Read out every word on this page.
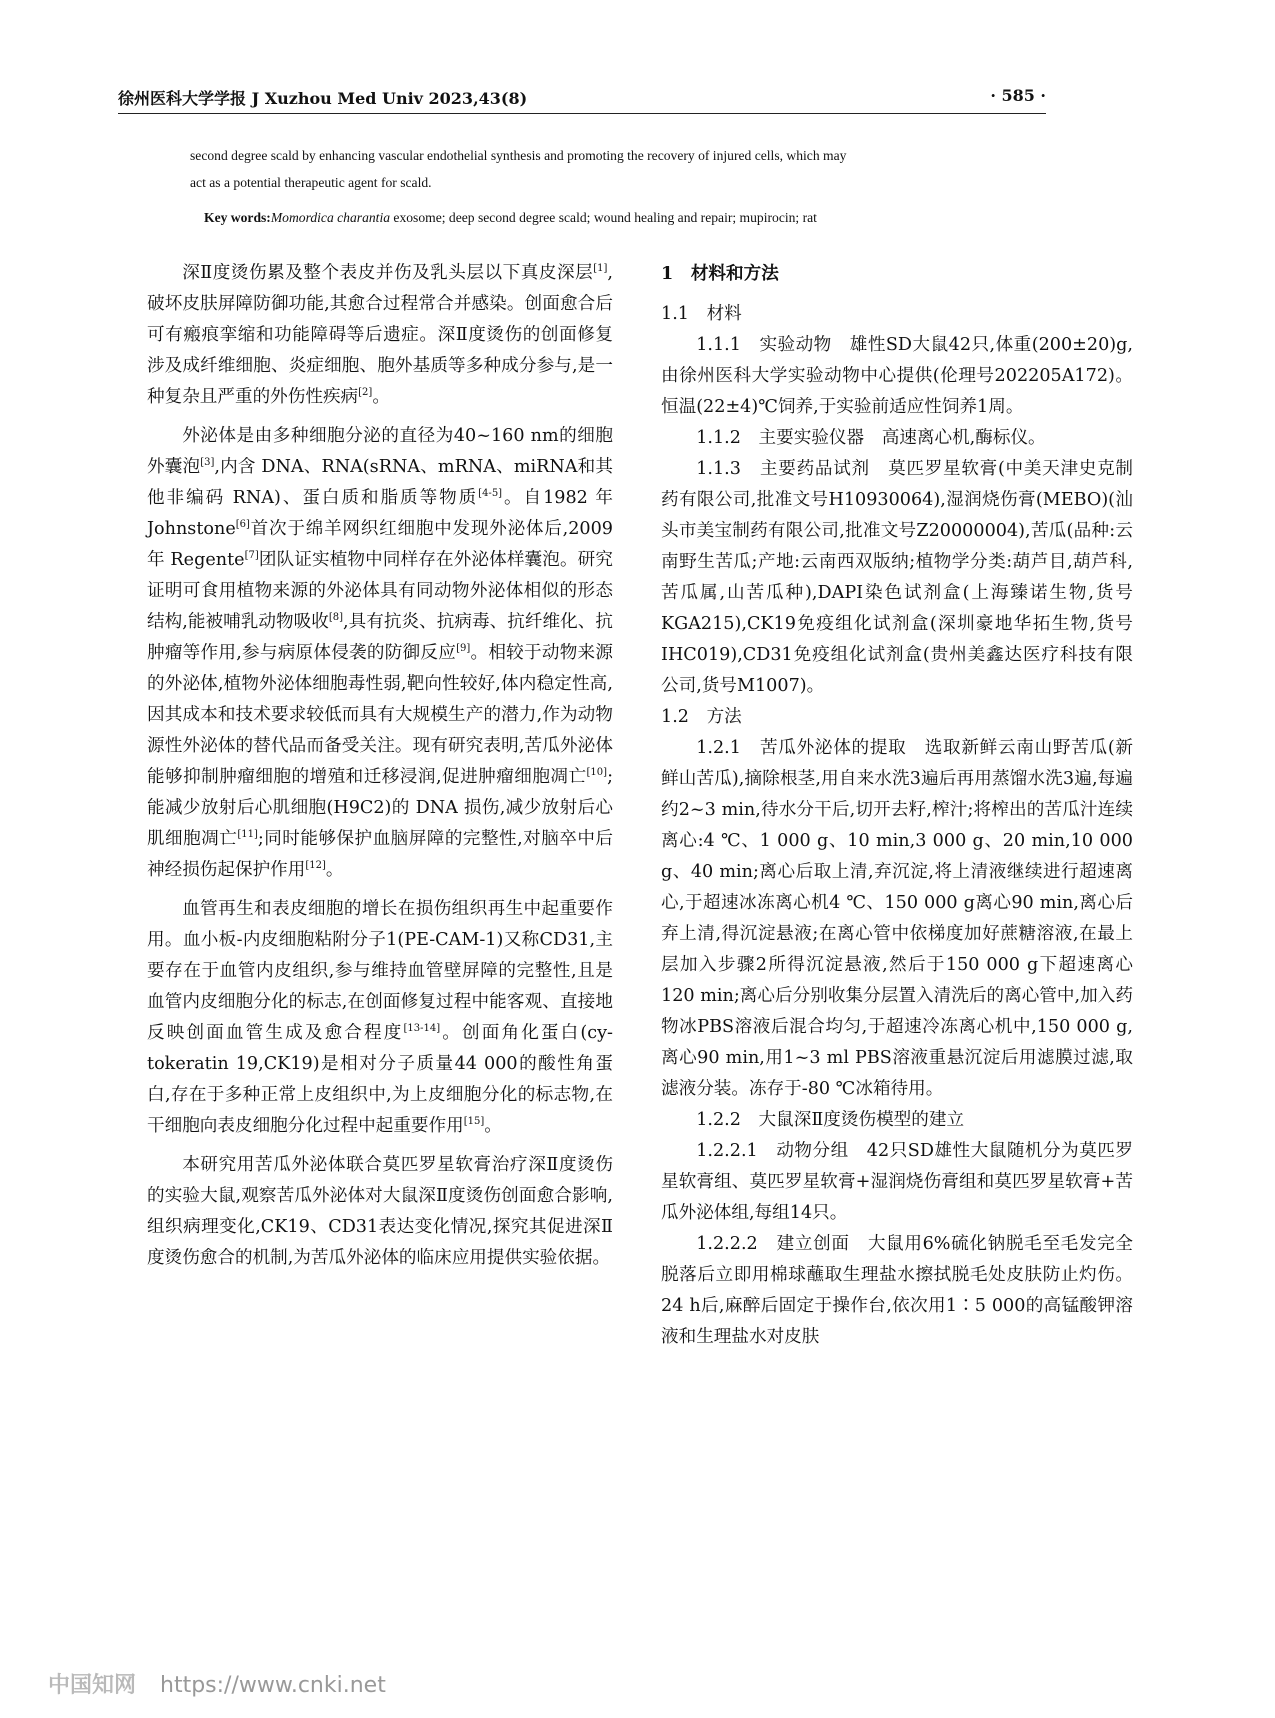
徐州医科大学学报 J Xuzhou Med Univ 2023,43(8)	· 585 ·
second degree scald by enhancing vascular endothelial synthesis and promoting the recovery of injured cells, which may
act as a potential therapeutic agent for scald.
Key words:Momordica charantia exosome; deep second degree scald; wound healing and repair; mupirocin; rat

深Ⅱ度烫伤累及整个表皮并伤及乳头层以下真皮深层[1],破坏皮肤屏障防御功能,其愈合过程常合并感染。创面愈合后可有瘢痕挛缩和功能障碍等后遗症。深Ⅱ度烫伤的创面修复涉及成纤维细胞、炎症细胞、胞外基质等多种成分参与,是一种复杂且严重的外伤性疾病[2]。

外泌体是由多种细胞分泌的直径为40~160 nm的细胞外囊泡[3],内含 DNA、RNA(sRNA、mRNA、miRNA和其他非编码 RNA)、蛋白质和脂质等物质[4-5]。自1982 年 Johnstone[6]首次于绵羊网织红细胞中发现外泌体后,2009 年 Regente[7]团队证实植物中同样存在外泌体样囊泡。研究证明可食用植物来源的外泌体具有同动物外泌体相似的形态结构,能被哺乳动物吸收[8],具有抗炎、抗病毒、抗纤维化、抗肿瘤等作用,参与病原体侵袭的防御反应[9]。相较于动物来源的外泌体,植物外泌体细胞毒性弱,靶向性较好,体内稳定性高,因其成本和技术要求较低而具有大规模生产的潜力,作为动物源性外泌体的替代品而备受关注。现有研究表明,苦瓜外泌体能够抑制肿瘤细胞的增殖和迁移浸润,促进肿瘤细胞凋亡[10];能减少放射后心肌细胞(H9C2)的 DNA 损伤,减少放射后心肌细胞凋亡[11];同时能够保护血脑屏障的完整性,对脑卒中后神经损伤起保护作用[12]。

血管再生和表皮细胞的增长在损伤组织再生中起重要作用。血小板-内皮细胞粘附分子1(PE-CAM-1)又称CD31,主要存在于血管内皮组织,参与维持血管壁屏障的完整性,且是血管内皮细胞分化的标志,在创面修复过程中能客观、直接地反映创面血管生成及愈合程度[13-14]。创面角化蛋白(cy-tokeratin 19,CK19)是相对分子质量44 000的酸性角蛋白,存在于多种正常上皮组织中,为上皮细胞分化的标志物,在干细胞向表皮细胞分化过程中起重要作用[15]。

本研究用苦瓜外泌体联合莫匹罗星软膏治疗深Ⅱ度烫伤的实验大鼠,观察苦瓜外泌体对大鼠深Ⅱ度烫伤创面愈合影响,组织病理变化,CK19、CD31表达变化情况,探究其促进深Ⅱ度烫伤愈合的机制,为苦瓜外泌体的临床应用提供实验依据。

1　材料和方法

1.1　材料

1.1.1　实验动物　雄性SD大鼠42只,体重(200±20)g,由徐州医科大学实验动物中心提供(伦理号202205A172)。恒温(22±4)℃饲养,于实验前适应性饲养1周。

1.1.2　主要实验仪器　高速离心机,酶标仪。

1.1.3　主要药品试剂　莫匹罗星软膏(中美天津史克制药有限公司,批准文号H10930064),湿润烧伤膏(MEBO)(汕头市美宝制药有限公司,批准文号Z20000004),苦瓜(品种:云南野生苦瓜;产地:云南西双版纳;植物学分类:葫芦目,葫芦科,苦瓜属,山苦瓜种),DAPI染色试剂盒(上海臻诺生物,货号KGA215),CK19免疫组化试剂盒(深圳豪地华拓生物,货号IHC019),CD31免疫组化试剂盒(贵州美鑫达医疗科技有限公司,货号M1007)。

1.2　方法

1.2.1　苦瓜外泌体的提取　选取新鲜云南山野苦瓜(新鲜山苦瓜),摘除根茎,用自来水洗3遍后再用蒸馏水洗3遍,每遍约2~3 min,待水分干后,切开去籽,榨汁;将榨出的苦瓜汁连续离心:4 ℃、1 000 g、10 min,3 000 g、20 min,10 000 g、40 min;离心后取上清,弃沉淀,将上清液继续进行超速离心,于超速冰冻离心机4 ℃、150 000 g离心90 min,离心后弃上清,得沉淀悬液;在离心管中依梯度加好蔗糖溶液,在最上层加入步骤2所得沉淀悬液,然后于150 000 g下超速离心120 min;离心后分别收集分层置入清洗后的离心管中,加入药物冰PBS溶液后混合均匀,于超速冷冻离心机中,150 000 g,离心90 min,用1~3 ml PBS溶液重悬沉淀后用滤膜过滤,取滤液分装。冻存于-80 ℃冰箱待用。

1.2.2　大鼠深Ⅱ度烫伤模型的建立

1.2.2.1　动物分组　42只SD雄性大鼠随机分为莫匹罗星软膏组、莫匹罗星软膏+湿润烧伤膏组和莫匹罗星软膏+苦瓜外泌体组,每组14只。

1.2.2.2　建立创面　大鼠用6%硫化钠脱毛至毛发完全脱落后立即用棉球蘸取生理盐水擦拭脱毛处皮肤防止灼伤。24 h后,麻醉后固定于操作台,依次用1∶5 000的高锰酸钾溶液和生理盐水对皮肤

中国知网 https://www.cnki.net
